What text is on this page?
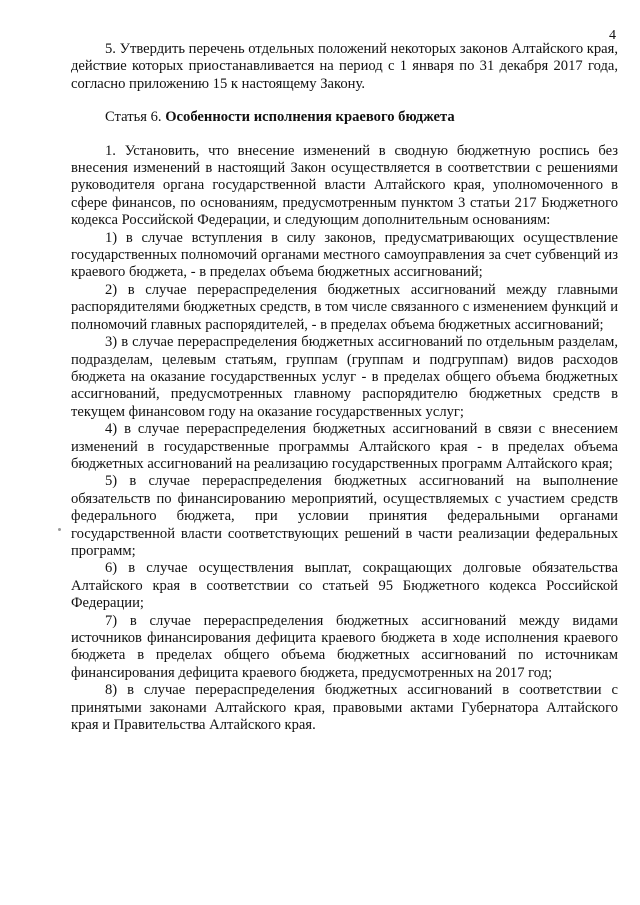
4

5. Утвердить перечень отдельных положений некоторых законов Алтайского края, действие которых приостанавливается на период с 1 января по 31 декабря 2017 года, согласно приложению 15 к настоящему Закону.

Статья 6. Особенности исполнения краевого бюджета

1. Установить, что внесение изменений в сводную бюджетную роспись без внесения изменений в настоящий Закон осуществляется в соответствии с решениями руководителя органа государственной власти Алтайского края, уполномоченного в сфере финансов, по основаниям, предусмотренным пунктом 3 статьи 217 Бюджетного кодекса Российской Федерации, и следующим дополнительным основаниям:

1) в случае вступления в силу законов, предусматривающих осуществление государственных полномочий органами местного самоуправления за счет субвенций из краевого бюджета, - в пределах объема бюджетных ассигнований;

2) в случае перераспределения бюджетных ассигнований между главными распорядителями бюджетных средств, в том числе связанного с изменением функций и полномочий главных распорядителей, - в пределах объема бюджетных ассигнований;

3) в случае перераспределения бюджетных ассигнований по отдельным разделам, подразделам, целевым статьям, группам (группам и подгруппам) видов расходов бюджета на оказание государственных услуг - в пределах общего объема бюджетных ассигнований, предусмотренных главному распорядителю бюджетных средств в текущем финансовом году на оказание государственных услуг;

4) в случае перераспределения бюджетных ассигнований в связи с внесением изменений в государственные программы Алтайского края - в пределах объема бюджетных ассигнований на реализацию государственных программ Алтайского края;

5) в случае перераспределения бюджетных ассигнований на выполнение обязательств по финансированию мероприятий, осуществляемых с участием средств федерального бюджета, при условии принятия федеральными органами государственной власти соответствующих решений в части реализации федеральных программ;

6) в случае осуществления выплат, сокращающих долговые обязательства Алтайского края в соответствии со статьей 95 Бюджетного кодекса Российской Федерации;

7) в случае перераспределения бюджетных ассигнований между видами источников финансирования дефицита краевого бюджета в ходе исполнения краевого бюджета в пределах общего объема бюджетных ассигнований по источникам финансирования дефицита краевого бюджета, предусмотренных на 2017 год;

8) в случае перераспределения бюджетных ассигнований в соответствии с принятыми законами Алтайского края, правовыми актами Губернатора Алтайского края и Правительства Алтайского края.
